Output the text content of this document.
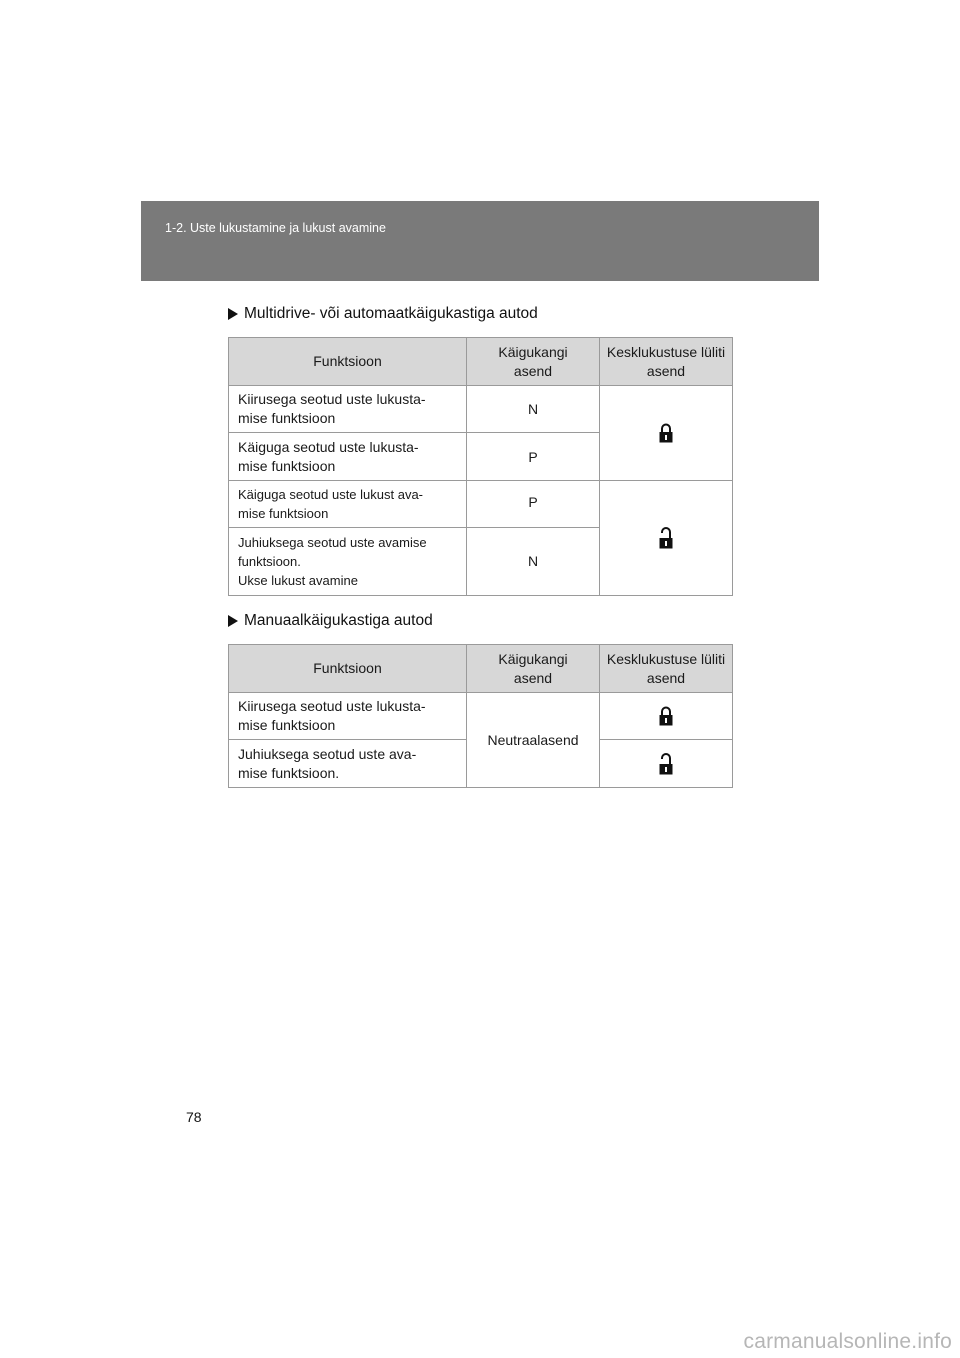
1-2. Uste lukustamine ja lukust avamine
Multidrive- või automaatkäigukastiga autod
Funktsioon	Käigukangi asend	Kesklukustuse lüliti asend

Kiirusega seotud uste lukusta- mise funktsioon	N	

Käiguga seotud uste lukusta- mise funktsioon	P	

Käiguga seotud uste lukust ava- mise funktsioon	P	

Juhiuksega seotud uste avamise
funktsioon.
Ukse lukust avamine	N	
Manuaalkäigukastiga autod
Funktsioon	Käigukangi asend	Kesklukustuse lüliti asend

Kiirusega seotud uste lukusta- mise funktsioon	Neutraalasend	

Juhiuksega seotud uste ava- mise funktsioon.

78
carmanualsonline.info
